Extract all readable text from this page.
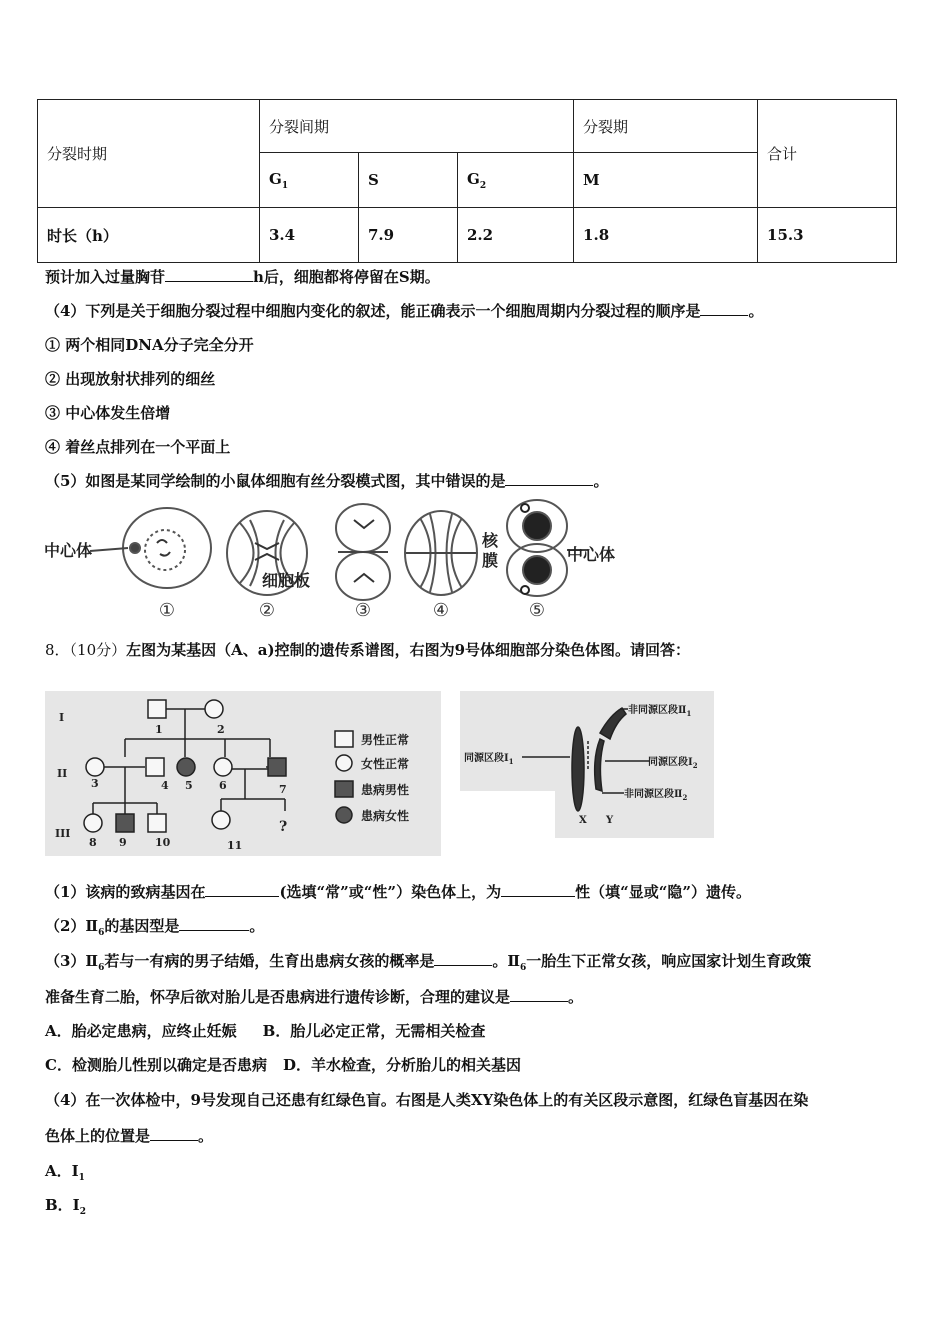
分裂时期	分裂间期			分裂期	合计
	$G_1$	S	$G_2$	M	
时长（h）	3.4	7.9	2.2	1.8	15.3
预计加入过量胸苷	h后，细胞都将停留在S期。
（4）下列是关于细胞分裂过程中细胞内变化的叙述，能正确表示一个细胞周期内分裂过程的顺序是	。
① 两个相同DNA分子完全分开
② 出现放射状排列的细丝
③ 中心体发生倍增
④ 着丝点排列在一个平面上
（5）如图是某同学绘制的小鼠体细胞有丝分裂模式图，其中错误的是	。
中心体
细胞板
核
膜	中心体
①	②	③	④	⑤
8．（10分）左图为某基因（A、a)控制的遗传系谱图，右图为9号体细胞部分染色体图。请回答：
I
II
III
1	2
3	4 5 6	7
8 9	10	11
?
男性正常
女性正常
患病男性
患病女性
同源区段$Ⅰ_1$
非同源区段$Ⅱ_1$
同源区段$Ⅰ_2$
非同源区段$Ⅱ_2$
X Y
（1）该病的致病基因在	(选填“常”或“性”）染色体上，为	性（填“显或“隐”）遗传。
$(2)Ⅱ_6$的基因型是	。
$(3)Ⅱ_6$若与一有病的男子结婚，生育出患病女孩的概率是	。$Ⅱ_6$一胎生下正常女孩，响应国家计划生育政策
准备生育二胎，怀孕后欲对胎儿是否患病进行遗传诊断，合理的建议是	。
A．胎必定患病，应终止妊娠 B．胎儿必定正常，无需相关检查
C．检测胎儿性别以确定是否患病 D．羊水检查，分析胎儿的相关基因
（4）在一次体检中，9号发现自己还患有红绿色盲。右图是人类XY染色体上的有关区段示意图，红绿色盲基因在染
色体上的位置是	。
A．$I_1$
B．$I_2$
